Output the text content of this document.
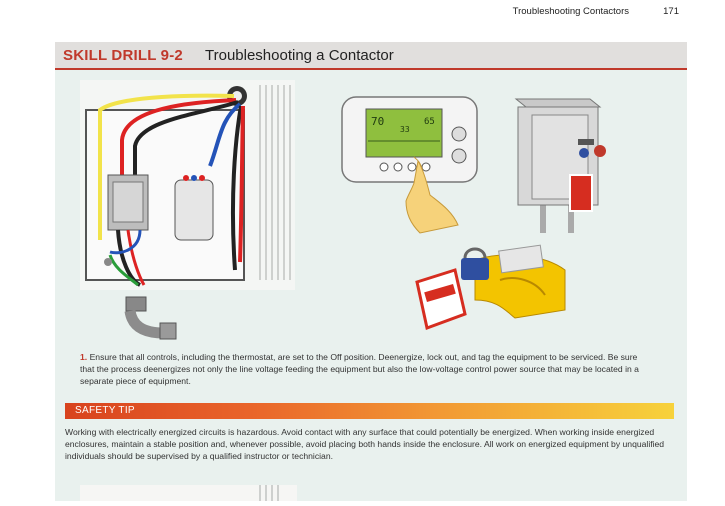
Troubleshooting Contactors	171
SKILL DRILL 9-2 Troubleshooting a Contactor
70
33
65
1. Ensure that all controls, including the thermostat, are set to the Off position. Deenergize, lock out, and tag the equipment to be serviced. Be sure that the process deenergizes not only the line voltage feeding the equipment but also the low-voltage control power source that may be located in a separate piece of equipment.
SAFETY TIP
Working with electrically energized circuits is hazardous. Avoid contact with any surface that could potentially be energized. When working inside energized enclosures, maintain a stable position and, whenever possible, avoid placing both hands inside the enclosure. All work on energized equipment by unqualified individuals should be supervised by a qualified instructor or technician.
